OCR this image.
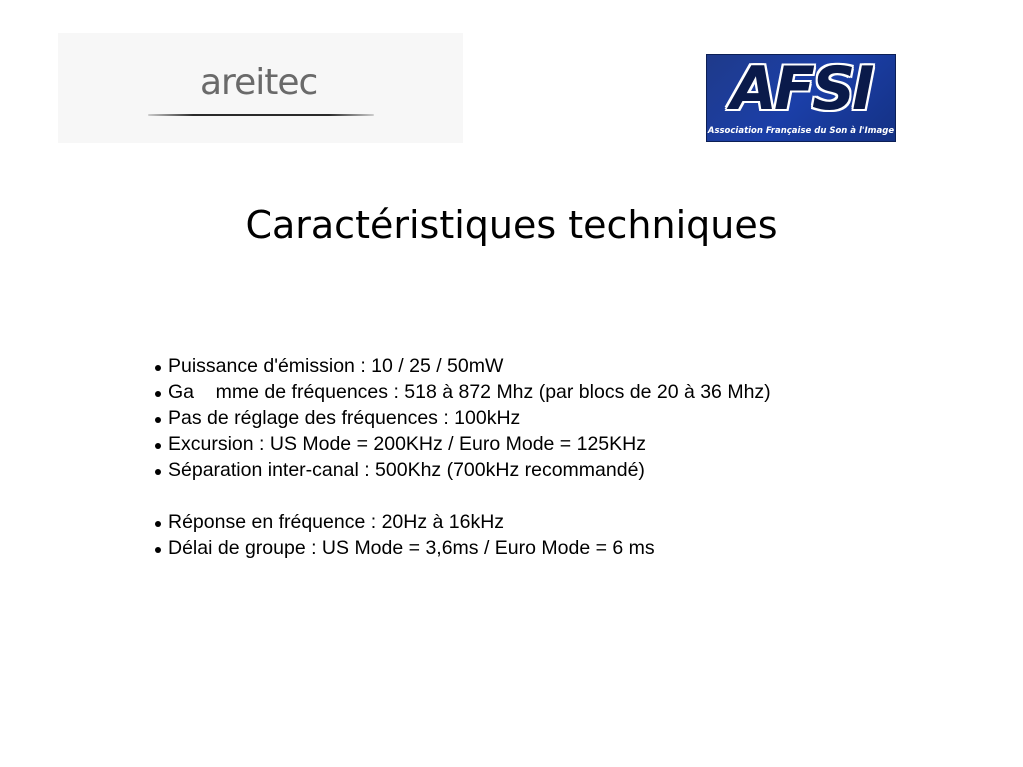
areitec	AFSI
Association Française du Son à l'Image
Caractéristiques techniques
Puissance d'émission : 10 / 25 / 50mW
Ga    mme de fréquences : 518 à 872 Mhz (par blocs de 20 à 36 Mhz)
Pas de réglage des fréquences : 100kHz
Excursion : US Mode = 200KHz / Euro Mode = 125KHz
Séparation inter-canal : 500Khz (700kHz recommandé)
Réponse en fréquence : 20Hz à 16kHz
Délai de groupe : US Mode = 3,6ms / Euro Mode = 6 ms
